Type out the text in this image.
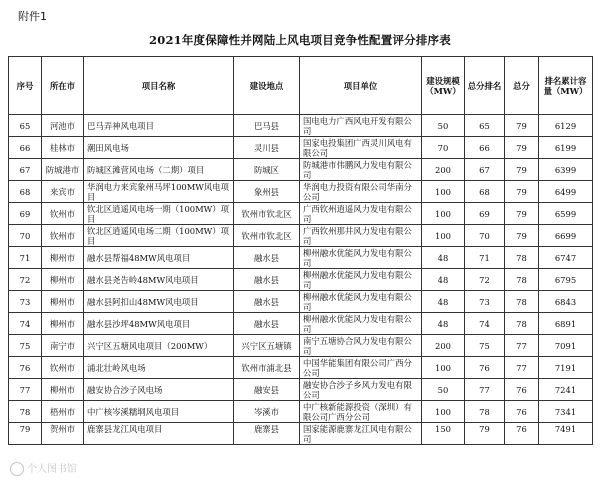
附件1
2021年度保障性并网陆上风电项目竞争性配置评分排序表
序号	所在市	项目名称	建设地点	项目单位	建设规模（MW）	总分排名	总分	排名累计容量（MW）
65	河池市	巴马弄神风电项目	巴马县	国电电力广西风电开发有限公司	50	65	79	6129
66	桂林市	潮田风电场	灵川县	国家电投集团广西灵川风电有限公司	70	66	79	6199
67	防城港市	防城区滩营风电场（二期）项目	防城区	防城港市伟鹏风力发电有限公司	200	67	79	6399
68	来宾市	华润电力来宾象州马坪100MW风电项目	象州县	华润电力投资有限公司华南分公司	100	68	79	6499
69	钦州市	钦北区逍遥风电场一期（100MW）项目	钦州市钦北区	广西钦州逍遥风力发电有限公司	100	69	79	6599
70	钦州市	钦北区逍遥风电场二期（100MW）项目	钦州市钦北区	广西钦州那井风力发电有限公司	100	70	79	6699
71	柳州市	融水县帮福48MW风电项目	融水县	柳州融水优能风力发电有限公司	48	71	78	6747
72	柳州市	融水县尧告岭48MW风电项目	融水县	柳州融水优能风力发电有限公司	48	72	78	6795
73	柳州市	融水县阿扣山48MW风电项目	融水县	柳州融水优能风力发电有限公司	48	73	78	6843
74	柳州市	融水县沙坪48MW风电项目	融水县	柳州融水优能风力发电有限公司	48	74	78	6891
75	南宁市	兴宁区五塘风电项目（200MW）	兴宁区五塘镇	南宁五塘协合风力发电有限公司	200	75	77	7091
76	钦州市	浦北壮岭风电场	钦州市浦北县	中国华能集团有限公司广西分公司	100	76	77	7191
77	柳州市	融安协合沙子风电场	融安县	融安协合沙子乡风力发电有限公司	50	77	76	7241
78	梧州市	中广核岑溪糯垌风电项目	岑溪市	中广核新能源投资（深圳）有限公司广西分公司	100	78	76	7341
79	贺州市	鹿寨县龙江风电项目	鹿寨县	国家能源鹿寨龙江风电有限公司	150	79	76	7491
个人图书馆
